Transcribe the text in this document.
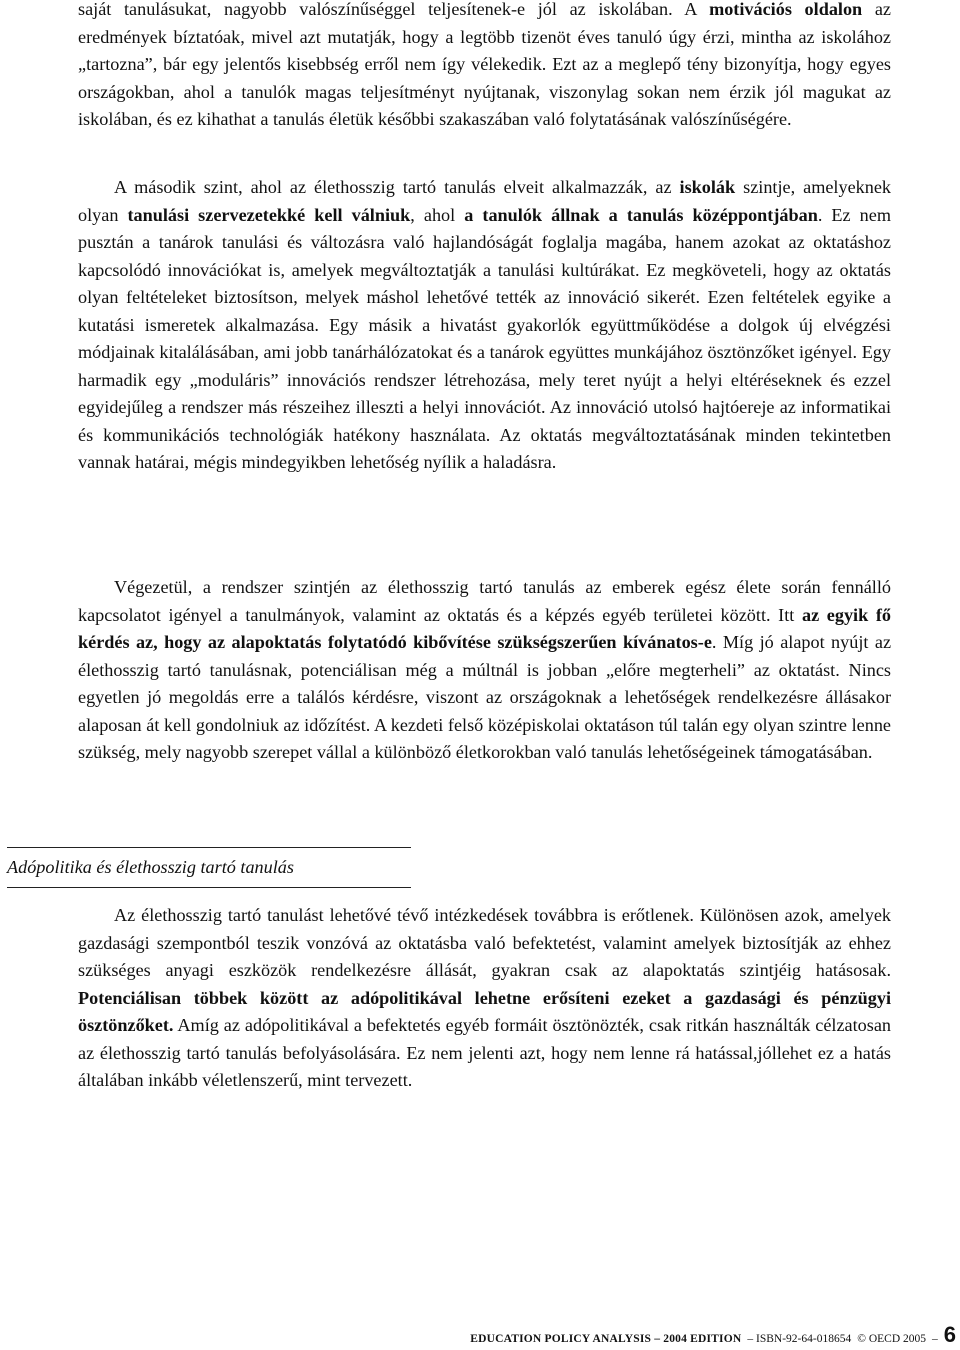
saját tanulásukat, nagyobb valószínűséggel teljesítenek-e jól az iskolában. A motivációs oldalon az eredmények bíztatóak, mivel azt mutatják, hogy a legtöbb tizenöt éves tanuló úgy érzi, mintha az iskolához „tartozna”, bár egy jelentős kisebbség erről nem így vélekedik. Ezt az a meglepő tény bizonyítja, hogy egyes országokban, ahol a tanulók magas teljesítményt nyújtanak, viszonylag sokan nem érzik jól magukat az iskolában, és ez kihathat a tanulás életük későbbi szakaszában való folytatásának valószínűségére.

A második szint, ahol az élethosszig tartó tanulás elveit alkalmazzák, az iskolák szintje, amelyeknek olyan tanulási szervezetekké kell válniuk, ahol a tanulók állnak a tanulás középpontjában. Ez nem pusztán a tanárok tanulási és változásra való hajlandóságát foglalja magába, hanem azokat az oktatáshoz kapcsolódó innovációkat is, amelyek megváltoztatják a tanulási kultúrákat. Ez megköveteli, hogy az oktatás olyan feltételeket biztosítson, melyek máshol lehetővé tették az innováció sikerét. Ezen feltételek egyike a kutatási ismeretek alkalmazása. Egy másik a hivatást gyakorlók együttműködése a dolgok új elvégzési módjainak kitalálásában, ami jobb tanárhálózatokat és a tanárok együttes munkájához ösztönzőket igényel. Egy harmadik egy „moduláris” innovációs rendszer létrehozása, mely teret nyújt a helyi eltéréseknek és ezzel egyidejűleg a rendszer más részeihez illeszti a helyi innovációt. Az innováció utolsó hajtóereje az informatikai és kommunikációs technológiák hatékony használata. Az oktatás megváltoztatásának minden tekintetben vannak határai, mégis mindegyikben lehetőség nyílik a haladásra.

Végezetül, a rendszer szintjén az élethosszig tartó tanulás az emberek egész élete során fennálló kapcsolatot igényel a tanulmányok, valamint az oktatás és a képzés egyéb területei között. Itt az egyik fő kérdés az, hogy az alapoktatás folytatódó kibővítése szükségszerűen kívánatos-e. Míg jó alapot nyújt az élethosszig tartó tanulásnak, potenciálisan még a múltnál is jobban „előre megterheli” az oktatást. Nincs egyetlen jó megoldás erre a találós kérdésre, viszont az országoknak a lehetőségek rendelkezésre állásakor alaposan át kell gondolniuk az időzítést. A kezdeti felső középiskolai oktatáson túl talán egy olyan szintre lenne szükség, mely nagyobb szerepet vállal a különböző életkorokban való tanulás lehetőségeinek támogatásában.

Adópolitika és élethosszig tartó tanulás

Az élethosszig tartó tanulást lehetővé tévő intézkedések továbbra is erőtlenek. Különösen azok, amelyek gazdasági szempontból teszik vonzóvá az oktatásba való befektetést, valamint amelyek biztosítják az ehhez szükséges anyagi eszközök rendelkezésre állását, gyakran csak az alapoktatás szintjéig hatásosak. Potenciálisan többek között az adópolitikával lehetne erősíteni ezeket a gazdasági és pénzügyi ösztönzőket. Amíg az adópolitikával a befektetés egyéb formáit ösztönözték, csak ritkán használták célzatosan az élethosszig tartó tanulás befolyásolására. Ez nem jelenti azt, hogy nem lenne rá hatással,jóllehet ez a hatás általában inkább véletlenszerű, mint tervezett.

EDUCATION POLICY ANALYSIS – 2004 EDITION – ISBN-92-64-018654 © OECD 2005 – 6
